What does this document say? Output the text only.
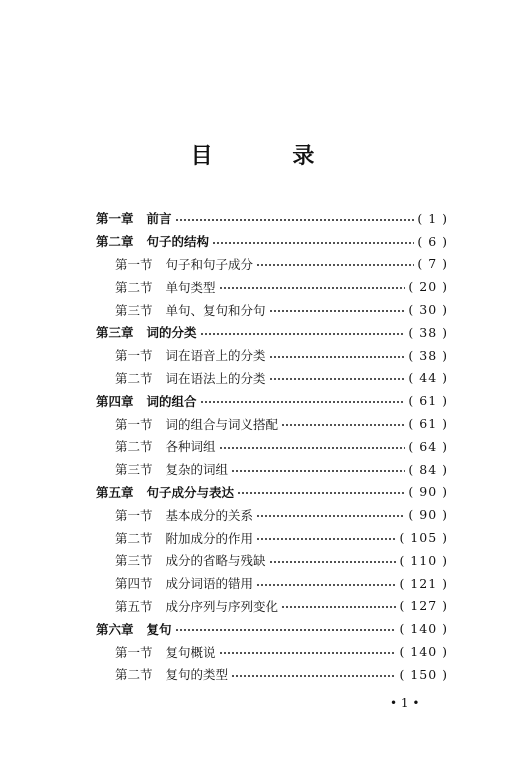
目 录
第一章 前言	( 1 )
第二章 句子的结构	( 6 )
第一节 句子和句子成分	( 7 )
第二节 单句类型	( 20 )
第三节 单句、复句和分句	( 30 )
第三章 词的分类	( 38 )
第一节 词在语音上的分类	( 38 )
第二节 词在语法上的分类	( 44 )
第四章 词的组合	( 61 )
第一节 词的组合与词义搭配	( 61 )
第二节 各种词组	( 64 )
第三节 复杂的词组	( 84 )
第五章 句子成分与表达	( 90 )
第一节 基本成分的关系	( 90 )
第二节 附加成分的作用	( 105 )
第三节 成分的省略与残缺	( 110 )
第四节 成分词语的错用	( 121 )
第五节 成分序列与序列变化	( 127 )
第六章 复句	( 140 )
第一节 复句概说	( 140 )
第二节 复句的类型	( 150 )
• 1 •
